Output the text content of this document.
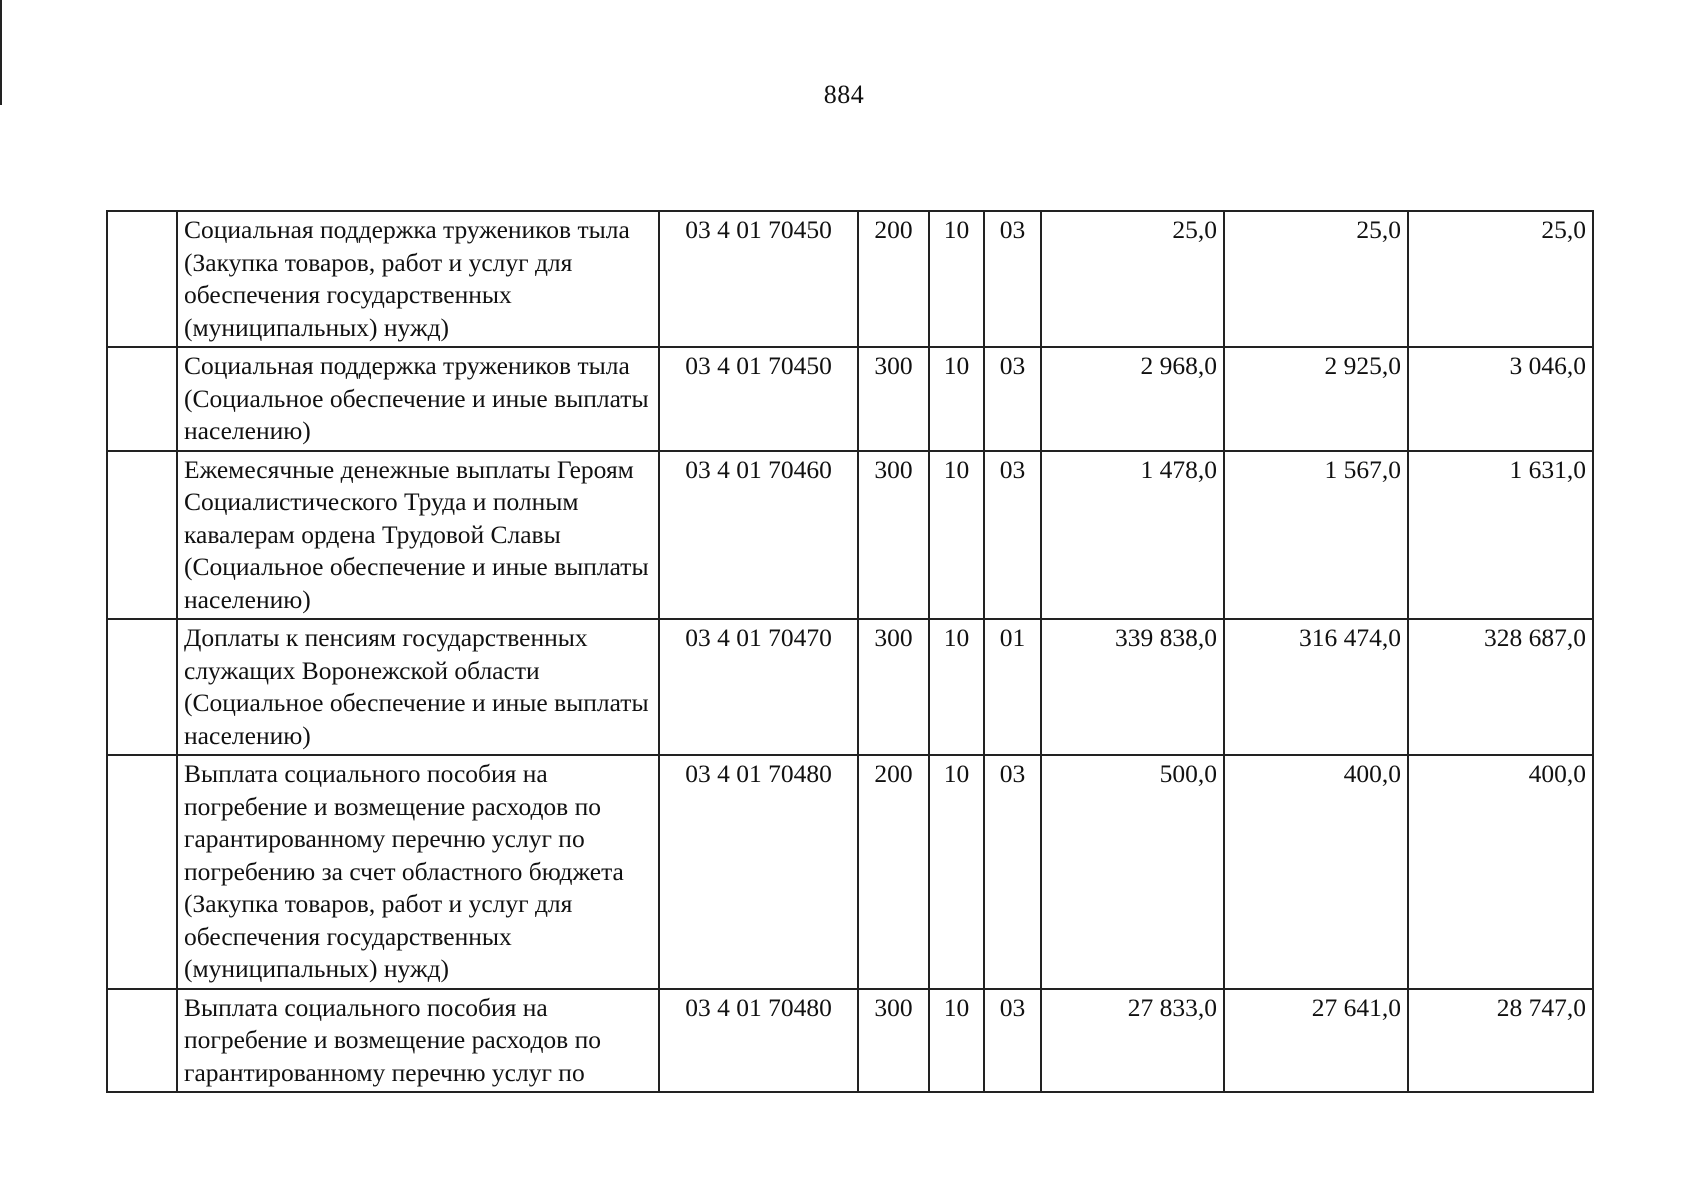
884
	Социальная поддержка тружеников тыла (Закупка товаров, работ и услуг для обеспечения государственных (муниципальных) нужд)	03 4 01 70450	200	10	03	25,0	25,0	25,0
	Социальная поддержка тружеников тыла (Социальное обеспечение и иные выплаты населению)	03 4 01 70450	300	10	03	2 968,0	2 925,0	3 046,0
	Ежемесячные денежные выплаты Героям Социалистического Труда и полным кавалерам ордена Трудовой Славы (Социальное обеспечение и иные выплаты населению)	03 4 01 70460	300	10	03	1 478,0	1 567,0	1 631,0
	Доплаты к пенсиям государственных служащих Воронежской области (Социальное обеспечение и иные выплаты населению)	03 4 01 70470	300	10	01	339 838,0	316 474,0	328 687,0
	Выплата социального пособия на погребение и возмещение расходов по гарантированному перечню услуг по погребению за счет областного бюджета (Закупка товаров, работ и услуг для обеспечения государственных (муниципальных) нужд)	03 4 01 70480	200	10	03	500,0	400,0	400,0
	Выплата социального пособия на погребение и возмещение расходов по гарантированному перечню услуг по	03 4 01 70480	300	10	03	27 833,0	27 641,0	28 747,0
